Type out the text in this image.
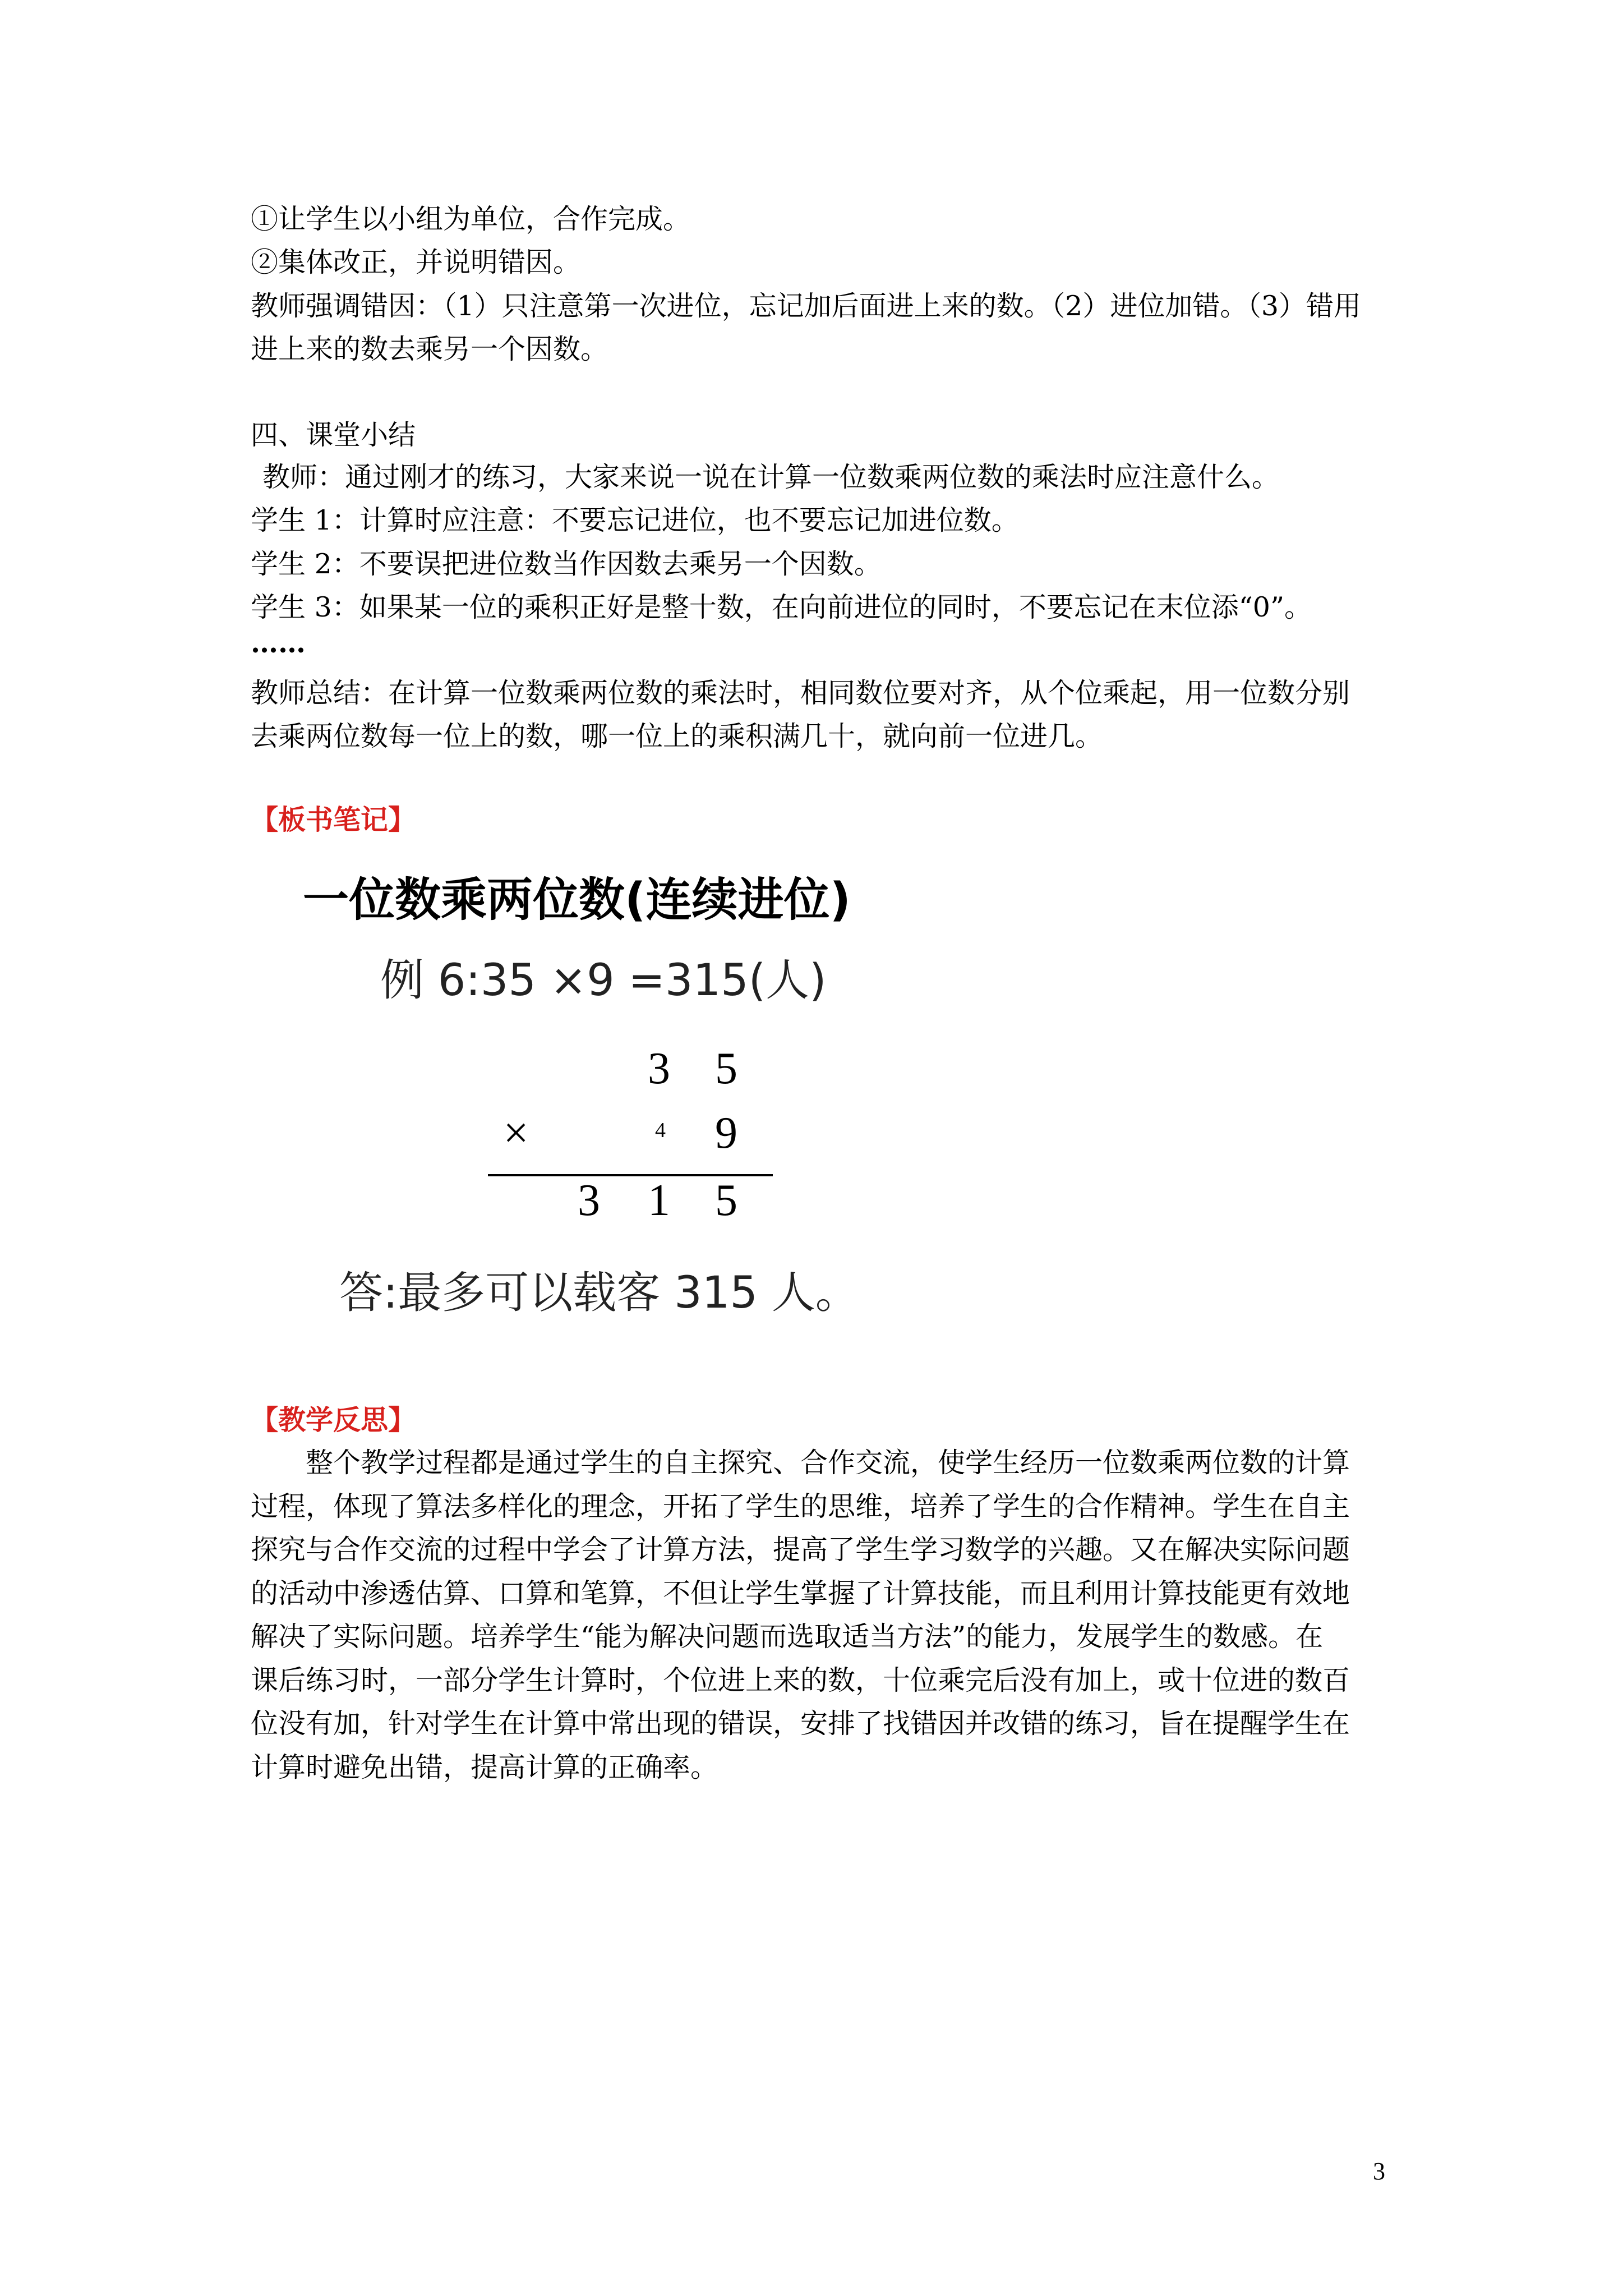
①让学生以小组为单位，合作完成。
②集体改正，并说明错因。
教师强调错因：（1）只注意第一次进位，忘记加后面进上来的数。（2）进位加错。（3）错用
进上来的数去乘另一个因数。
四、课堂小结
教师：通过刚才的练习，大家来说一说在计算一位数乘两位数的乘法时应注意什么。
学生 1：计算时应注意：不要忘记进位，也不要忘记加进位数。
学生 2：不要误把进位数当作因数去乘另一个因数。
学生 3：如果某一位的乘积正好是整十数，在向前进位的同时，不要忘记在末位添“0”。
……
教师总结：在计算一位数乘两位数的乘法时，相同数位要对齐，从个位乘起，用一位数分别
去乘两位数每一位上的数，哪一位上的乘积满几十，就向前一位进几。
【板书笔记】
一位数乘两位数(连续进位)
例 6:35 ×9 =315(人)
3 5
×	4 9
3 1 5
答:最多可以载客 315 人。
【教学反思】
整个教学过程都是通过学生的自主探究、合作交流，使学生经历一位数乘两位数的计算
过程，体现了算法多样化的理念，开拓了学生的思维，培养了学生的合作精神。学生在自主
探究与合作交流的过程中学会了计算方法，提高了学生学习数学的兴趣。又在解决实际问题
的活动中渗透估算、口算和笔算，不但让学生掌握了计算技能，而且利用计算技能更有效地
解决了实际问题。培养学生“能为解决问题而选取适当方法”的能力，发展学生的数感。在
课后练习时，一部分学生计算时，个位进上来的数，十位乘完后没有加上，或十位进的数百
位没有加，针对学生在计算中常出现的错误，安排了找错因并改错的练习，旨在提醒学生在
计算时避免出错，提高计算的正确率。
3
